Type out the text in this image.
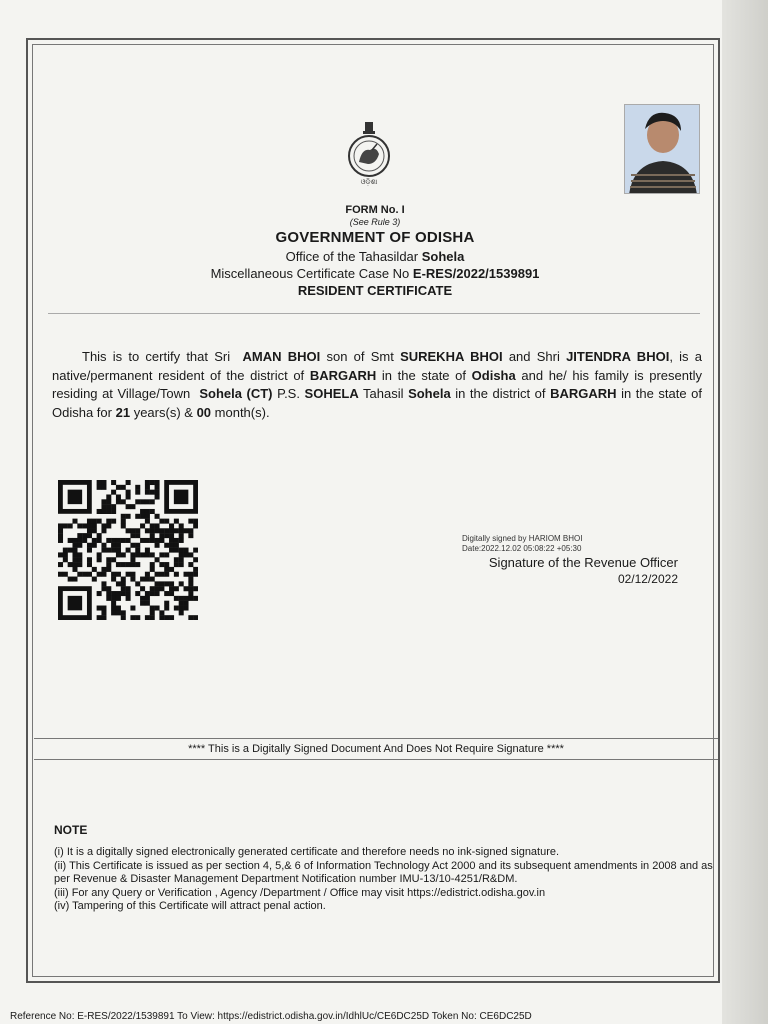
ଓଡ଼ିଶା
FORM No. I
(See Rule 3)
GOVERNMENT OF ODISHA
Office of the Tahasildar Sohela
Miscellaneous Certificate Case No E-RES/2022/1539891
RESIDENT CERTIFICATE
This is to certify that Sri AMAN BHOI son of Smt SUREKHA BHOI and Shri JITENDRA BHOI, is a native/permanent resident of the district of BARGARH in the state of Odisha and he/ his family is presently residing at Village/Town Sohela (CT) P.S. SOHELA Tahasil Sohela in the district of BARGARH in the state of Odisha for 21 years(s) & 00 month(s).
Digitally signed by HARIOM BHOI
Date:2022.12.02 05:08:22 +05:30
Signature of the Revenue Officer
02/12/2022
**** This is a Digitally Signed Document And Does Not Require Signature ****
NOTE
(i) It is a digitally signed electronically generated certificate and therefore needs no ink-signed signature.
(ii) This Certificate is issued as per section 4, 5,& 6 of Information Technology Act 2000 and its subsequent amendments in 2008 and as per Revenue & Disaster Management Department Notification number IMU-13/10-4251/R&DM.
(iii) For any Query or Verification , Agency /Department / Office may visit https://edistrict.odisha.gov.in
(iv) Tampering of this Certificate will attract penal action.
Reference No: E-RES/2022/1539891 To View: https://edistrict.odisha.gov.in/IdhlUc/CE6DC25D Token No: CE6DC25D
